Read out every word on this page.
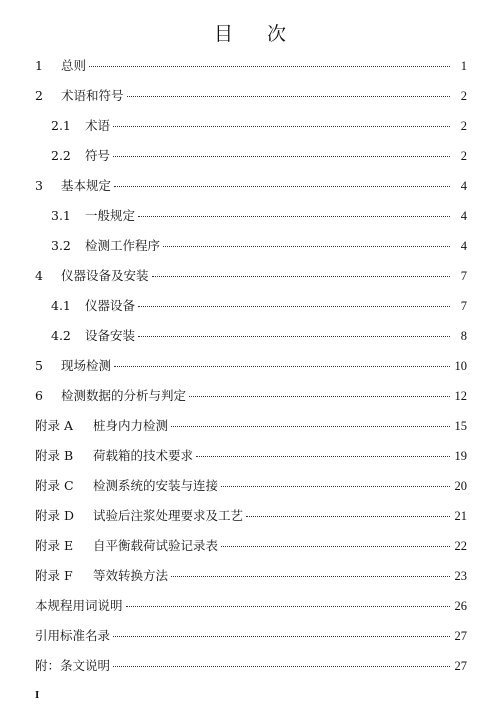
目 次
1	总则	1
2	术语和符号	2
2.1	术语	2
2.2	符号	2
3	基本规定	4
3.1	一般规定	4
3.2	检测工作程序	4
4	仪器设备及安装	7
4.1	仪器设备	7
4.2	设备安装	8
5	现场检测	10
6	检测数据的分析与判定	12
附录 A	桩身内力检测	15
附录 B	荷载箱的技术要求	19
附录 C	检测系统的安装与连接	20
附录 D	试验后注浆处理要求及工艺	21
附录 E	自平衡载荷试验记录表	22
附录 F	等效转换方法	23
本规程用词说明	26
引用标准名录	27
附：条文说明	27
I
